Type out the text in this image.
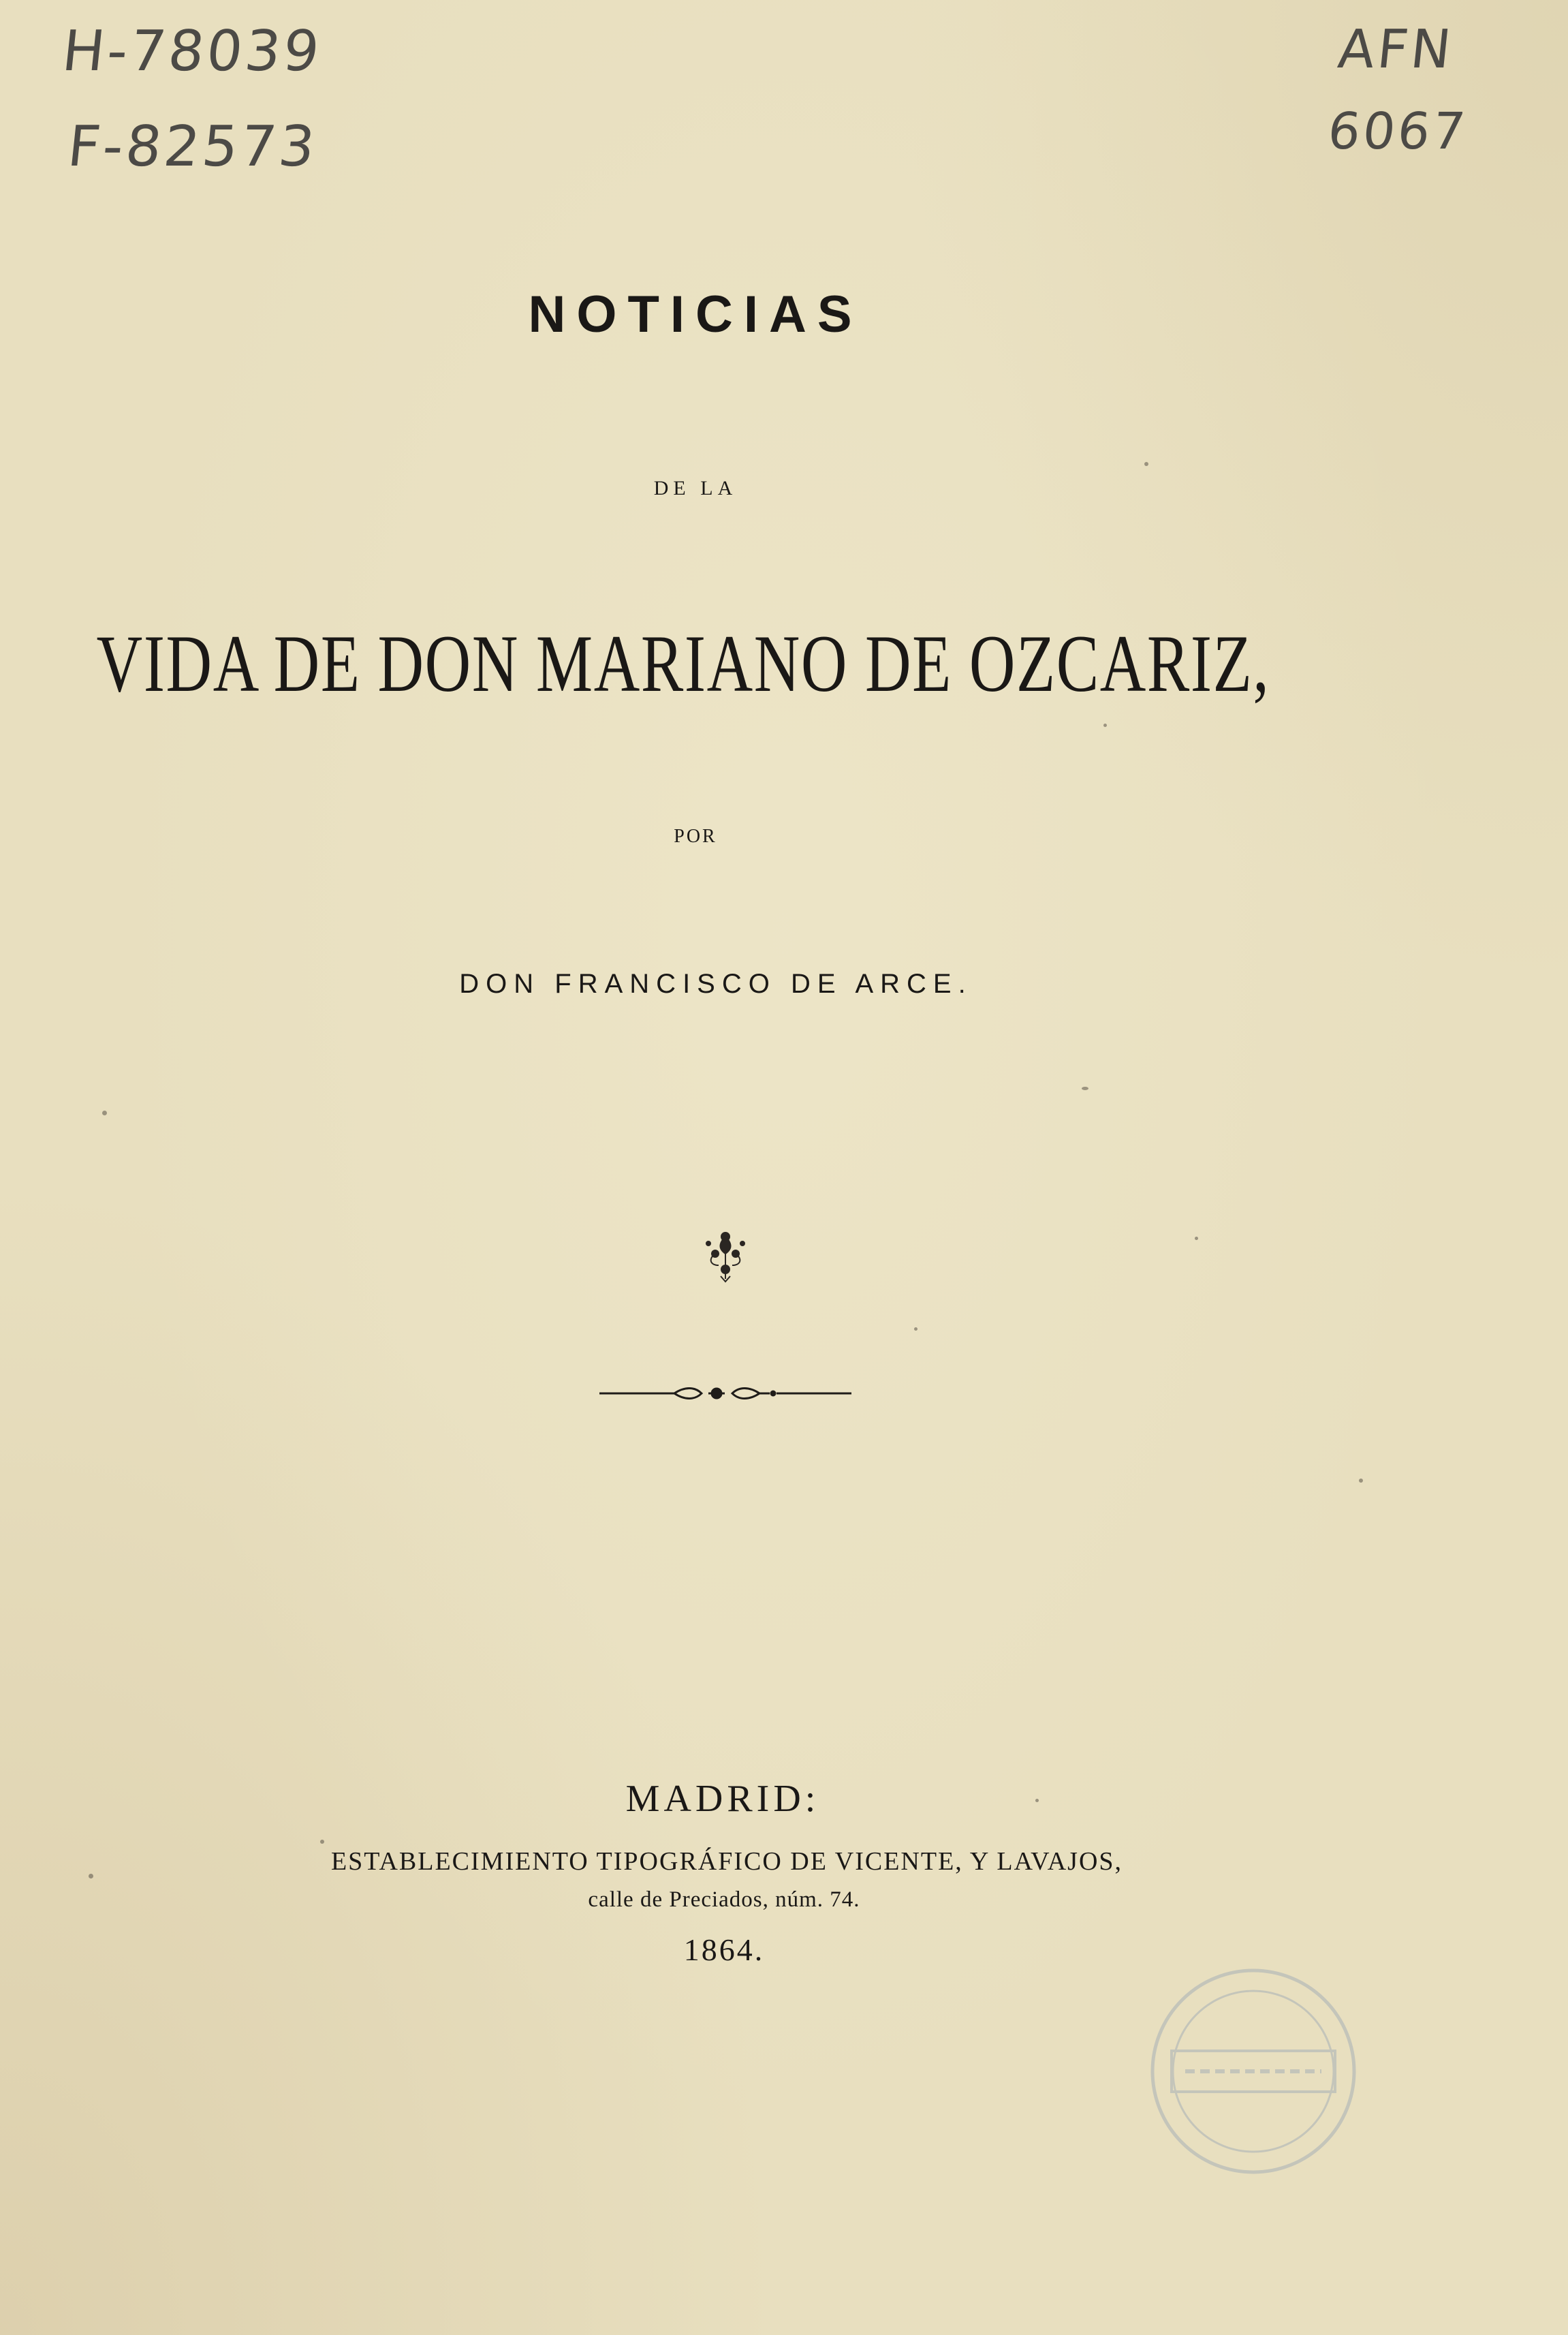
H-78039
F-82573
AFN
6067
NOTICIAS
DE LA
VIDA DE DON MARIANO DE OZCARIZ,
POR
DON FRANCISCO DE ARCE.
MADRID:
ESTABLECIMIENTO TIPOGRÁFICO DE VICENTE, Y LAVAJOS,
calle de Preciados, núm. 74.
1864.
